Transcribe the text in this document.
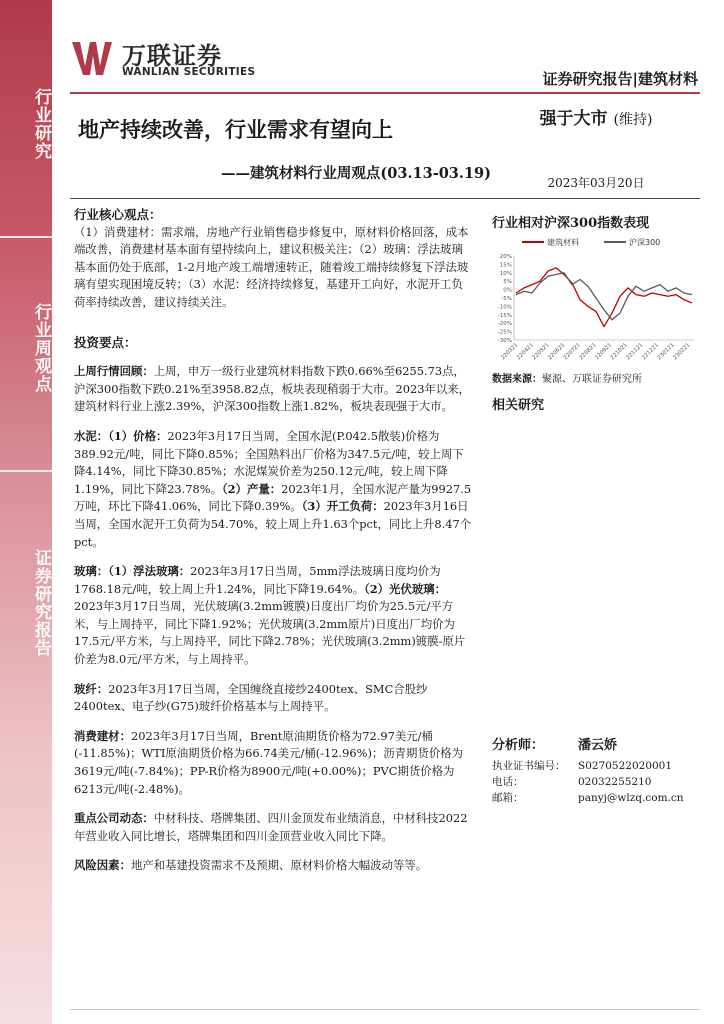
行业研究
行业周观点
证券研究报告
万联证券
WANLIAN SECURITIES	证券研究报告|建筑材料
地产持续改善，行业需求有望向上
——建筑材料行业周观点(03.13-03.19)
强于大市 (维持)
2023年03月20日

行业核心观点：

（1）消费建材：需求端，房地产行业销售稳步修复中，原材料价格回落，成本端改善，消费建材基本面有望持续向上，建议积极关注；（2）玻璃：浮法玻璃基本面仍处于底部，1-2月地产竣工端增速转正，随着竣工端持续修复下浮法玻璃有望实现困境反转；（3）水泥：经济持续修复，基建开工向好，水泥开工负荷率持续改善，建议持续关注。

投资要点：

上周行情回顾：上周，申万一级行业建筑材料指数下跌0.66%至6255.73点，沪深300指数下跌0.21%至3958.82点，板块表现稍弱于大市。2023年以来，建筑材料行业上涨2.39%，沪深300指数上涨1.82%，板块表现强于大市。

水泥：（1）价格：2023年3月17日当周，全国水泥(P.042.5散装)价格为389.92元/吨，同比下降0.85%；全国熟料出厂价格为347.5元/吨，较上周下降4.14%，同比下降30.85%；水泥煤炭价差为250.12元/吨，较上周下降1.19%，同比下降23.78%。（2）产量：2023年1月，全国水泥产量为9927.5万吨，环比下降41.06%，同比下降0.39%。（3）开工负荷：2023年3月16日当周，全国水泥开工负荷为54.70%，较上周上升1.63个pct，同比上升8.47个pct。

玻璃：（1）浮法玻璃：2023年3月17日当周，5mm浮法玻璃日度均价为1768.18元/吨，较上周上升1.24%，同比下降19.64%。（2）光伏玻璃：2023年3月17日当周，光伏玻璃(3.2mm镀膜)日度出厂均价为25.5元/平方米，与上周持平，同比下降1.92%；光伏玻璃(3.2mm原片)日度出厂均价为17.5元/平方米，与上周持平，同比下降2.78%；光伏玻璃(3.2mm)镀膜-原片价差为8.0元/平方米，与上周持平。

玻纤：2023年3月17日当周，全国缠绕直接纱2400tex、SMC合股纱2400tex、电子纱(G75)玻纤价格基本与上周持平。

消费建材：2023年3月17日当周，Brent原油期货价格为72.97美元/桶(-11.85%)；WTI原油期货价格为66.74美元/桶(-12.96%)；沥青期货价格为3619元/吨(-7.84%)；PP-R价格为8900元/吨(+0.00%)；PVC期货价格为6213元/吨(-2.48%)。

重点公司动态：中材科技、塔牌集团、四川金顶发布业绩消息，中材科技2022年营业收入同比增长，塔牌集团和四川金顶营业收入同比下降。

风险因素：地产和基建投资需求不及预期、原材料价格大幅波动等等。

行业相对沪深300指数表现
建筑材料	沪深300
20%
15%
10%
5%
0%
-5%
-10%
-15%
-20%
-25%
-30%
220321
220421
220521
220621
220721
220821
220921
221021
221121
221221
230121
230221
数据来源：聚源、万联证券研究所
相关研究
分析师：	潘云娇
执业证书编号： S0270522020001
电话：	02032255210
邮箱：	panyj@wlzq.com.cn
